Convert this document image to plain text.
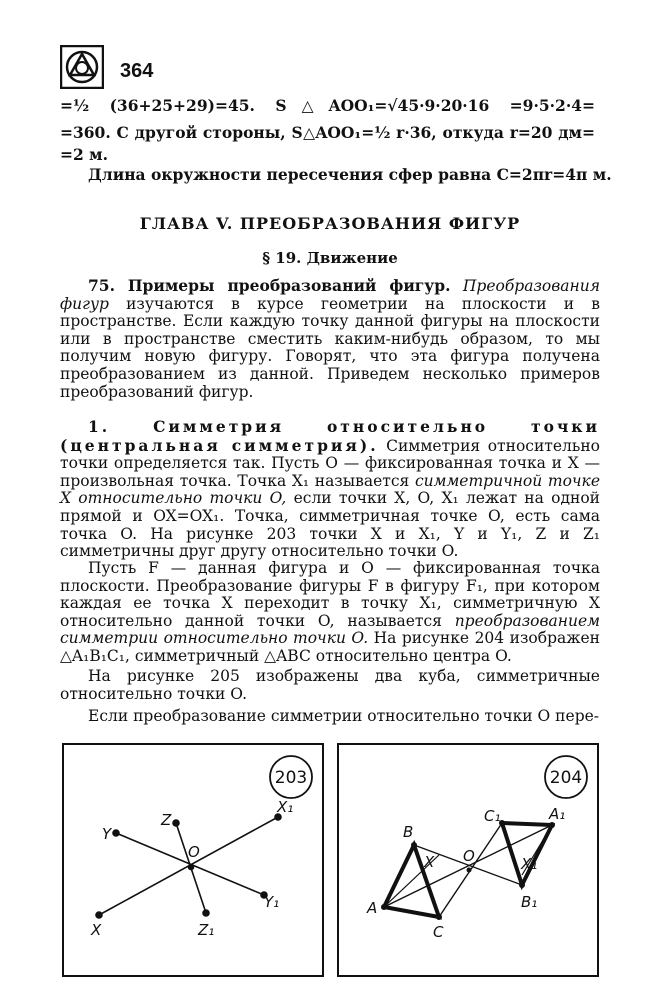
364
=½ (36+25+29)=45. S△AOO₁=√45·9·20·16 =9·5·2·4=
=360. С другой стороны, S△AOO₁=½ r·36, откуда r=20 дм=
=2 м.
Длина окружности пересечения сфер равна C=2πr=4π м.
ГЛАВА V. ПРЕОБРАЗОВАНИЯ ФИГУР
§ 19. Движение
75. Примеры преобразований фигур. Преобразования фигур изучаются в курсе геометрии на плоскости и в пространстве. Если каждую точку данной фигуры на плоскости или в пространстве сместить каким-нибудь образом, то мы получим новую фигуру. Говорят, что эта фигура получена преобразованием из данной. Приведем несколько примеров преобразований фигур.
1. Симметрия относительно точки (центральная симметрия). Симметрия относительно точки определяется так. Пусть O — фиксированная точка и X — произвольная точка. Точка X₁ называется симметричной точке X относительно точки O, если точки X, O, X₁ лежат на одной прямой и OX=OX₁. Точка, симметричная точке O, есть сама точка O. На рисунке 203 точки X и X₁, Y и Y₁, Z и Z₁ симметричны друг другу относительно точки O.
Пусть F — данная фигура и O — фиксированная точка плоскости. Преобразование фигуры F в фигуру F₁, при котором каждая ее точка X переходит в точку X₁, симметричную X относительно данной точки O, называется преобразованием симметрии относительно точки O. На рисунке 204 изображен △A₁B₁C₁, симметричный △ABC относительно центра O.
На рисунке 205 изображены два куба, симметричные относительно точки O.
Если преобразование симметрии относительно точки O пере-
203
Y
Z
O
X₁
X	Z₁
Y₁
204
B
X O
C₁	A₁
X₁
A
C
B₁
